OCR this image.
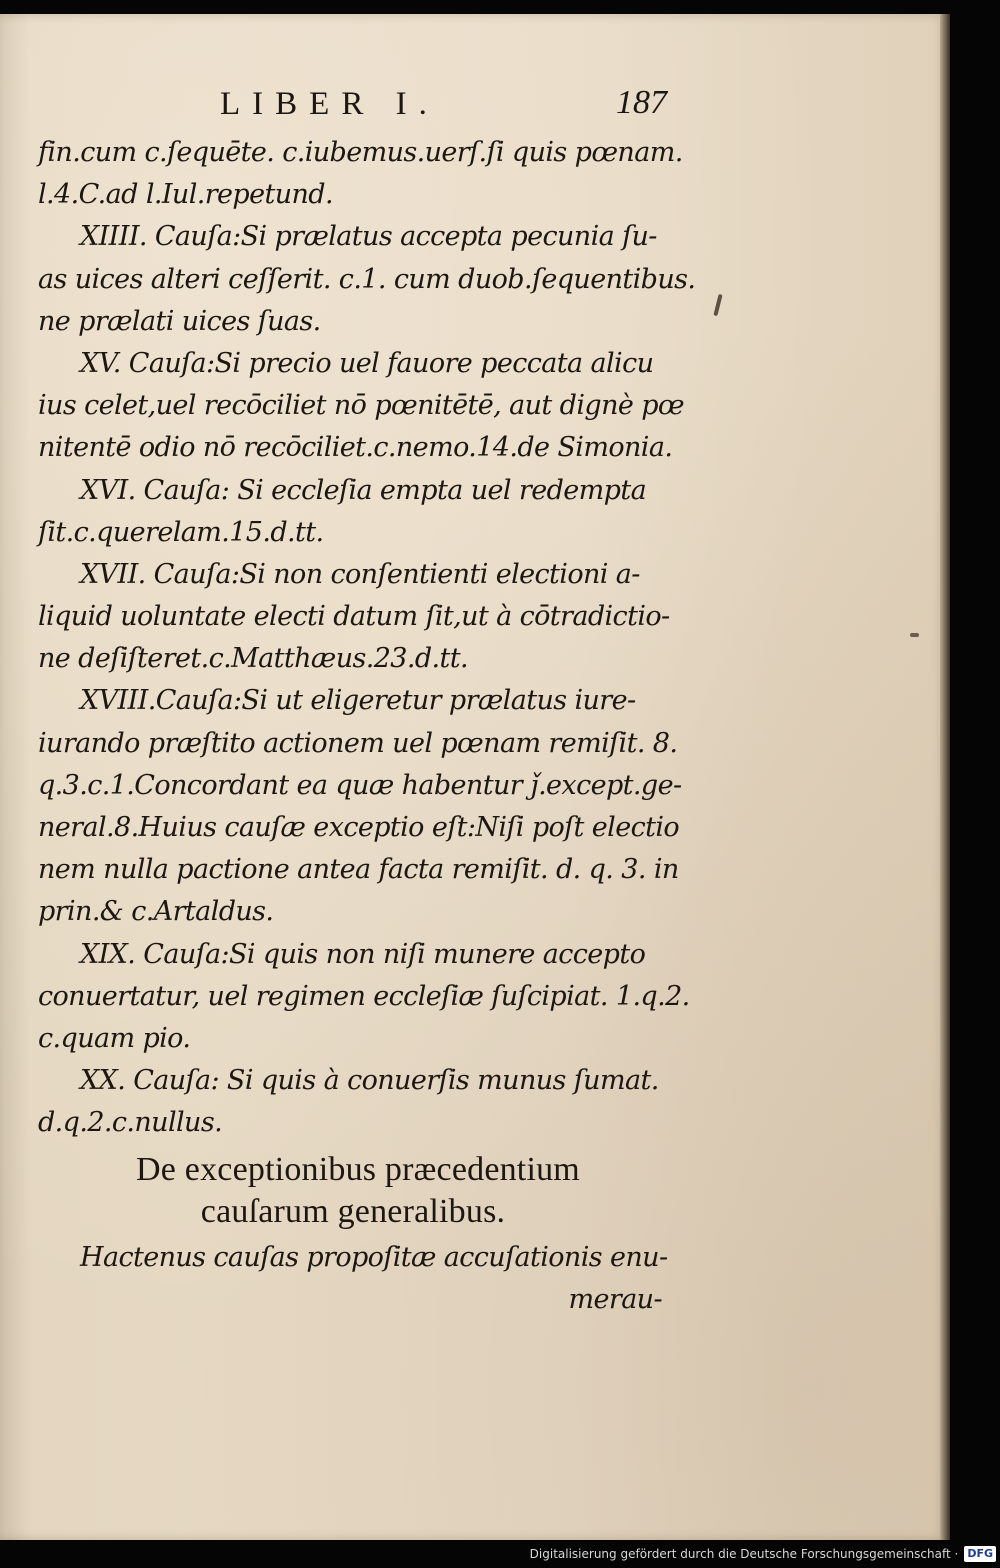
LIBER I.	187
fin.cum c.ſequēte. c.iubemus.uerſ.ſi quis pœnam.
l.4.C.ad l.Iul.repetund.
XIIII. Cauſa:Si prælatus accepta pecunia ſu-
as uices alteri ceſſerit. c.1. cum duob.ſequentibus.
ne prælati uices ſuas.
XV. Cauſa:Si precio uel fauore peccata alicu
ius celet,uel recōciliet nō pœnitētē, aut dignè pœ
nitentē odio nō recōciliet.c.nemo.14.de Simonia.
XVI. Cauſa: Si eccleſia empta uel redempta
ſit.c.querelam.15.d.tt.
XVII. Cauſa:Si non conſentienti electioni a-
liquid uoluntate electi datum ſit,ut à cōtradictio-
ne deſiſteret.c.Matthæus.23.d.tt.
XVIII.Cauſa:Si ut eligeretur prælatus iure-
iurando præſtito actionem uel pœnam remiſit. 8.
q.3.c.1.Concordant ea quæ habentur ǰ.except.ge-
neral.8.Huius cauſæ exceptio eſt:Niſi poſt electio
nem nulla pactione antea facta remiſit. d. q. 3. in
prin.& c.Artaldus.
XIX. Cauſa:Si quis non niſi munere accepto
conuertatur, uel regimen eccleſiæ ſuſcipiat. 1.q.2.
c.quam pio.
XX. Cauſa: Si quis à conuerſis munus ſumat.
d.q.2.c.nullus.
De exceptionibus præcedentium
cauſarum generalibus.
Hactenus cauſas propoſitæ accuſationis enu-
merau-
Digitalisierung gefördert durch die Deutsche Forschungsgemeinschaft · DFG
